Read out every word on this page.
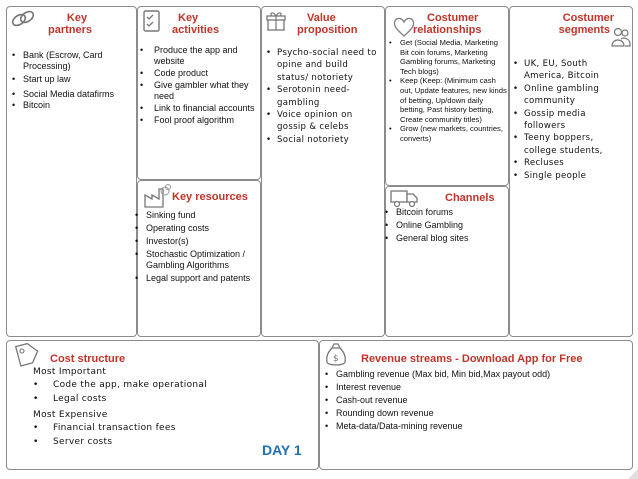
Key
partners
• Bank (Escrow, Card Processing)
• Start up law
• Social Media datafirms
• Bitcoin
Key
activities
• Produce the app and website
• Code product
• Give gambler what they need
• Link to financial accounts
• Fool proof algorithm
Value
proposition
• Psycho-social need to opine and build status/ notoriety
• Serotonin need- gambling
• Voice opinion on gossip & celebs
• Social notoriety
Costumer
relationships
• Get (Social Media, Marketing Bit coin forums, Marketing Gambling forums, Marketing Tech blogs)
• Keep (Keep: (Minimum cash out, Update features, new kinds of betting, Up/down daily betting, Past history betting, Create community titles)
• Grow (new markets, countries, converts)
Costumer
segments
• UK, EU, South America, Bitcoin
• Online gambling community
• Gossip media followers
• Teeny boppers, college students,
• Recluses
• Single people
Key resources
• Sinking fund
• Operating costs
• Investor(s)
• Stochastic Optimization / Gambling Algorithms
• Legal support and patents
Channels
• Bitcoin forums
• Online Gambling
• General blog sites
Cost structure
Most Important
• Code the app, make operational
• Legal costs
Most Expensive
• Financial transaction fees
• Server costs
DAY 1
$ Revenue streams - Download App for Free
• Gambling revenue (Max bid, Min bid,Max payout odd)
• Interest revenue
• Cash-out revenue
• Rounding down revenue
• Meta-data/Data-mining revenue
